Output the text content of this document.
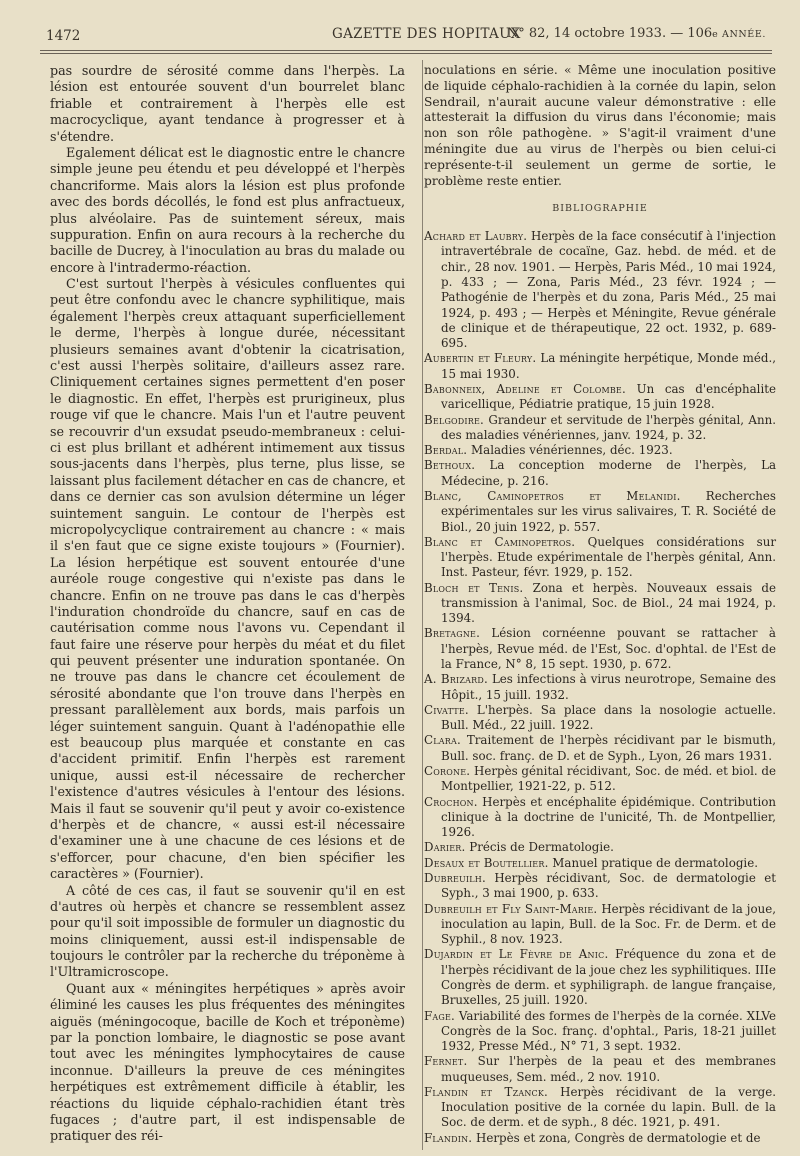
1472	GAZETTE DES HOPITAUX
N° 82, 14 octobre 1933. — 106e ANNÉE.

pas sourdre de sérosité comme dans l'herpès. La lésion est entourée souvent d'un bourrelet blanc friable et contrairement à l'herpès elle est macrocyclique, ayant tendance à progresser et à s'étendre.

Egalement délicat est le diagnostic entre le chancre simple jeune peu étendu et peu développé et l'herpès chancriforme. Mais alors la lésion est plus profonde avec des bords décollés, le fond est plus anfractueux, plus alvéolaire. Pas de suintement séreux, mais suppuration. Enfin on aura recours à la recherche du bacille de Ducrey, à l'inoculation au bras du malade ou encore à l'intradermo-réaction.

C'est surtout l'herpès à vésicules confluentes qui peut être confondu avec le chancre syphilitique, mais également l'herpès creux attaquant superficiellement le derme, l'herpès à longue durée, nécessitant plusieurs semaines avant d'obtenir la cicatrisation, c'est aussi l'herpès solitaire, d'ailleurs assez rare. Cliniquement certaines signes permettent d'en poser le diagnostic. En effet, l'herpès est prurigineux, plus rouge vif que le chancre. Mais l'un et l'autre peuvent se recouvrir d'un exsudat pseudo-membraneux : celui-ci est plus brillant et adhérent intimement aux tissus sous-jacents dans l'herpès, plus terne, plus lisse, se laissant plus facilement détacher en cas de chancre, et dans ce dernier cas son avulsion détermine un léger suintement sanguin. Le contour de l'herpès est micropolycyclique contrairement au chancre : « mais il s'en faut que ce signe existe toujours » (Fournier). La lésion herpétique est souvent entourée d'une auréole rouge congestive qui n'existe pas dans le chancre. Enfin on ne trouve pas dans le cas d'herpès l'induration chondroïde du chancre, sauf en cas de cautérisation comme nous l'avons vu. Cependant il faut faire une réserve pour herpès du méat et du filet qui peuvent présenter une induration spontanée. On ne trouve pas dans le chancre cet écoulement de sérosité abondante que l'on trouve dans l'herpès en pressant parallèlement aux bords, mais parfois un léger suintement sanguin. Quant à l'adénopathie elle est beaucoup plus marquée et constante en cas d'accident primitif. Enfin l'herpès est rarement unique, aussi est-il nécessaire de rechercher l'existence d'autres vésicules à l'entour des lésions. Mais il faut se souvenir qu'il peut y avoir co-existence d'herpès et de chancre, « aussi est-il nécessaire d'examiner une à une chacune de ces lésions et de s'efforcer, pour chacune, d'en bien spécifier les caractères » (Fournier).

A côté de ces cas, il faut se souvenir qu'il en est d'autres où herpès et chancre se ressemblent assez pour qu'il soit impossible de formuler un diagnostic du moins cliniquement, aussi est-il indispensable de toujours le contrôler par la recherche du tréponème à l'Ultramicroscope.

Quant aux « méningites herpétiques » après avoir éliminé les causes les plus fréquentes des méningites aiguës (méningocoque, bacille de Koch et tréponème) par la ponction lombaire, le diagnostic se pose avant tout avec les méningites lymphocytaires de cause inconnue. D'ailleurs la preuve de ces méningites herpétiques est extrêmement difficile à établir, les réactions du liquide céphalo-rachidien étant très fugaces ; d'autre part, il est indispensable de pratiquer des réi-

noculations en série. « Même une inoculation positive de liquide céphalo-rachidien à la cornée du lapin, selon Sendrail, n'aurait aucune valeur démonstrative : elle attesterait la diffusion du virus dans l'économie; mais non son rôle pathogène. » S'agit-il vraiment d'une méningite due au virus de l'herpès ou bien celui-ci représente-t-il seulement un germe de sortie, le problème reste entier.

BIBLIOGRAPHIE

Achard et Laubry. Herpès de la face consécutif à l'injection intravertébrale de cocaïne, Gaz. hebd. de méd. et de chir., 28 nov. 1901. — Herpès, Paris Méd., 10 mai 1924, p. 433 ; — Zona, Paris Méd., 23 févr. 1924 ; — Pathogénie de l'herpès et du zona, Paris Méd., 25 mai 1924, p. 493 ; — Herpès et Méningite, Revue générale de clinique et de thérapeutique, 22 oct. 1932, p. 689-695.

Aubertin et Fleury. La méningite herpétique, Monde méd., 15 mai 1930.

Babonneix, Adeline et Colombe. Un cas d'encéphalite varicellique, Pédiatrie pratique, 15 juin 1928.

Belgodire. Grandeur et servitude de l'herpès génital, Ann. des maladies vénériennes, janv. 1924, p. 32.

Berdal. Maladies vénériennes, déc. 1923.

Bethoux. La conception moderne de l'herpès, La Médecine, p. 216.

Blanc, Caminopetros et Melanidi. Recherches expérimentales sur les virus salivaires, T. R. Société de Biol., 20 juin 1922, p. 557.

Blanc et Caminopetros. Quelques considérations sur l'herpès. Etude expérimentale de l'herpès génital, Ann. Inst. Pasteur, févr. 1929, p. 152.

Bloch et Tenis. Zona et herpès. Nouveaux essais de transmission à l'animal, Soc. de Biol., 24 mai 1924, p. 1394.

Bretagne. Lésion cornéenne pouvant se rattacher à l'herpès, Revue méd. de l'Est, Soc. d'ophtal. de l'Est de la France, N° 8, 15 sept. 1930, p. 672.

A. Brizard. Les infections à virus neurotrope, Semaine des Hôpit., 15 juill. 1932.

Civatte. L'herpès. Sa place dans la nosologie actuelle. Bull. Méd., 22 juill. 1922.

Clara. Traitement de l'herpès récidivant par le bismuth, Bull. soc. franç. de D. et de Syph., Lyon, 26 mars 1931.

Corone. Herpès génital récidivant, Soc. de méd. et biol. de Montpellier, 1921-22, p. 512.

Crochon. Herpès et encéphalite épidémique. Contribution clinique à la doctrine de l'unicité, Th. de Montpellier, 1926.

Darier. Précis de Dermatologie.

Desaux et Boutellier. Manuel pratique de dermatologie.

Dubreuilh. Herpès récidivant, Soc. de dermatologie et Syph., 3 mai 1900, p. 633.

Dubreuilh et Fly Saint-Marie. Herpès récidivant de la joue, inoculation au lapin, Bull. de la Soc. Fr. de Derm. et de Syphil., 8 nov. 1923.

Dujardin et Le Fèvre de Anic. Fréquence du zona et de l'herpès récidivant de la joue chez les syphilitiques. IIIe Congrès de derm. et syphiligraph. de langue française, Bruxelles, 25 juill. 1920.

Fage. Variabilité des formes de l'herpès de la cornée. XLVe Congrès de la Soc. franç. d'ophtal., Paris, 18-21 juillet 1932, Presse Méd., N° 71, 3 sept. 1932.

Fernet. Sur l'herpès de la peau et des membranes muqueuses, Sem. méd., 2 nov. 1910.

Flandin et Tzanck. Herpès récidivant de la verge. Inoculation positive de la cornée du lapin. Bull. de la Soc. de derm. et de syph., 8 déc. 1921, p. 491.

Flandin. Herpès et zona, Congrès de dermatologie et de
